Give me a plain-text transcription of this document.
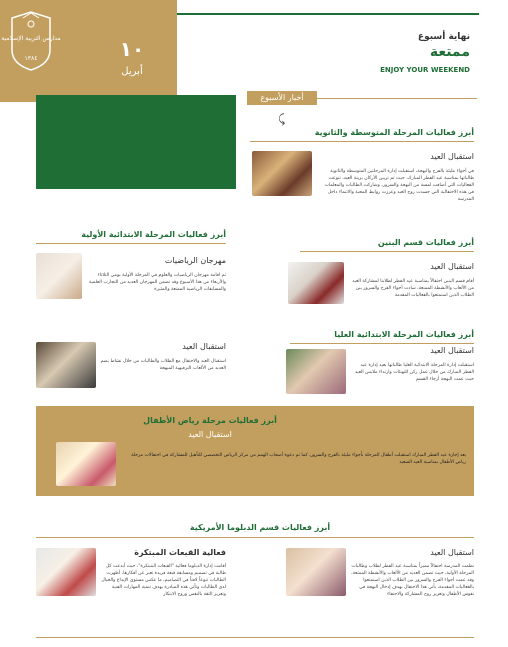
مدارس التربية الإسلامية
١٣٨٤	١٠
أبريل
نهاية أسبوع
ممتعة
ENJOY YOUR WEEKEND
أخبار الأسبوع
⤹
أبرز فعاليات المرحلة المتوسطة والثانوية
استقبال العيد
في أجواء مليئة بالفرح والبهجة، استقبلت إدارة المرحلتين المتوسطة والثانوية طالباتها بمناسبة عيد الفطر المبارك، حيث تم تزيين الأركان بزينة العيد، تنوعت الفعاليات التي أضافت لمسة من البهجة والسرور، وشاركت الطالبات والمعلمات في هذه الاحتفالية التي جسدت روح العيد وعززت روابط المحبة والانتماء داخل المدرسة
أبرز فعاليات المرحلة الابتدائية الأولية
مهرجان الرياضيات
تم اقامة مهرجان الرياضيات والعلوم في المرحلة الأولية يومي الثلاثاء والأربعاء من هذا الأسبوع وقد تضمن المهرجان العديد من التجارب العلمية والمسابقات الرياضية الممتعة والمثيرة
استقبال العيد
استقبال العيد والاحتفال مع الطلاب والطالبات من خلال نشاط يضم العديد من الألعاب الترفيهية المبهجة
أبرز فعاليات قسم البنين
استقبال العيد
أقام قسم البنين احتفالاً بمناسبة عيد الفطر لطلابنا لمشاركة العيد من الألعاب والأنشطة الممتعة، سادت أجواء الفرح والسرور بين الطلاب الذين استمتعوا بالفعاليات المقدمة
أبرز فعاليات المرحلة الابتدائية العليا
استقبال العيد
استقبلت إدارة المرحلة الابتدائية العليا طالباتها بعيد إدارة عيد الفطر المبارك من خلال عمل ركن للتهنئات وارتداء ملابس العيد حيث عمت البهجة أرجاء القسم
أبرز فعاليات مرحلة رياض الأطفال
استقبال العيد
بعد إجازة عيد الفطر المبارك استقبلت أطفال المرحلة بأجواء مليئة بالفرح والسرور، كما تم دعوة أصحاب الهمم من مركز الرياض التخصصي للتأهيل للمشاركة في احتفالات مرحلة رياض الأطفال بمناسبة العيد السعيد
أبرز فعاليات قسم الدبلوما الأمريكية
فعالية القبعات المبتكرة
أقامت إدارة الدبلوما فعالية "القبعات المبتكرة"، حيث أبدعت كل طالبة في تصميم ومسابقة قبعة فريدة تعبر عن أفكارها، أظهرت الطالبات تنوعاً لافتاً في التصاميم، ما عكس مستوى الإبداع والخيال لدى الطالبات وتأتي هذه المبادرة بهدف تنمية المهارات الفنية وتعزيز الثقة بالنفس وروح الابتكار
استقبال العيد
نظمت المدرسة احتفالاً مميزاً بمناسبة عيد الفطر لطلاب وطالبات المرحلة الأولية، حيث تضمن العديد من الألعاب والأنشطة الممتعة، وقد عمت أجواء الفرح والسرور بين الطلاب الذين استمتعوا بالفعاليات المقدمة، بأتي هذا الاحتفال بهدف إدخال البهجة في نفوس الأطفال وتعزيز روح المشاركة والاحتفاء
